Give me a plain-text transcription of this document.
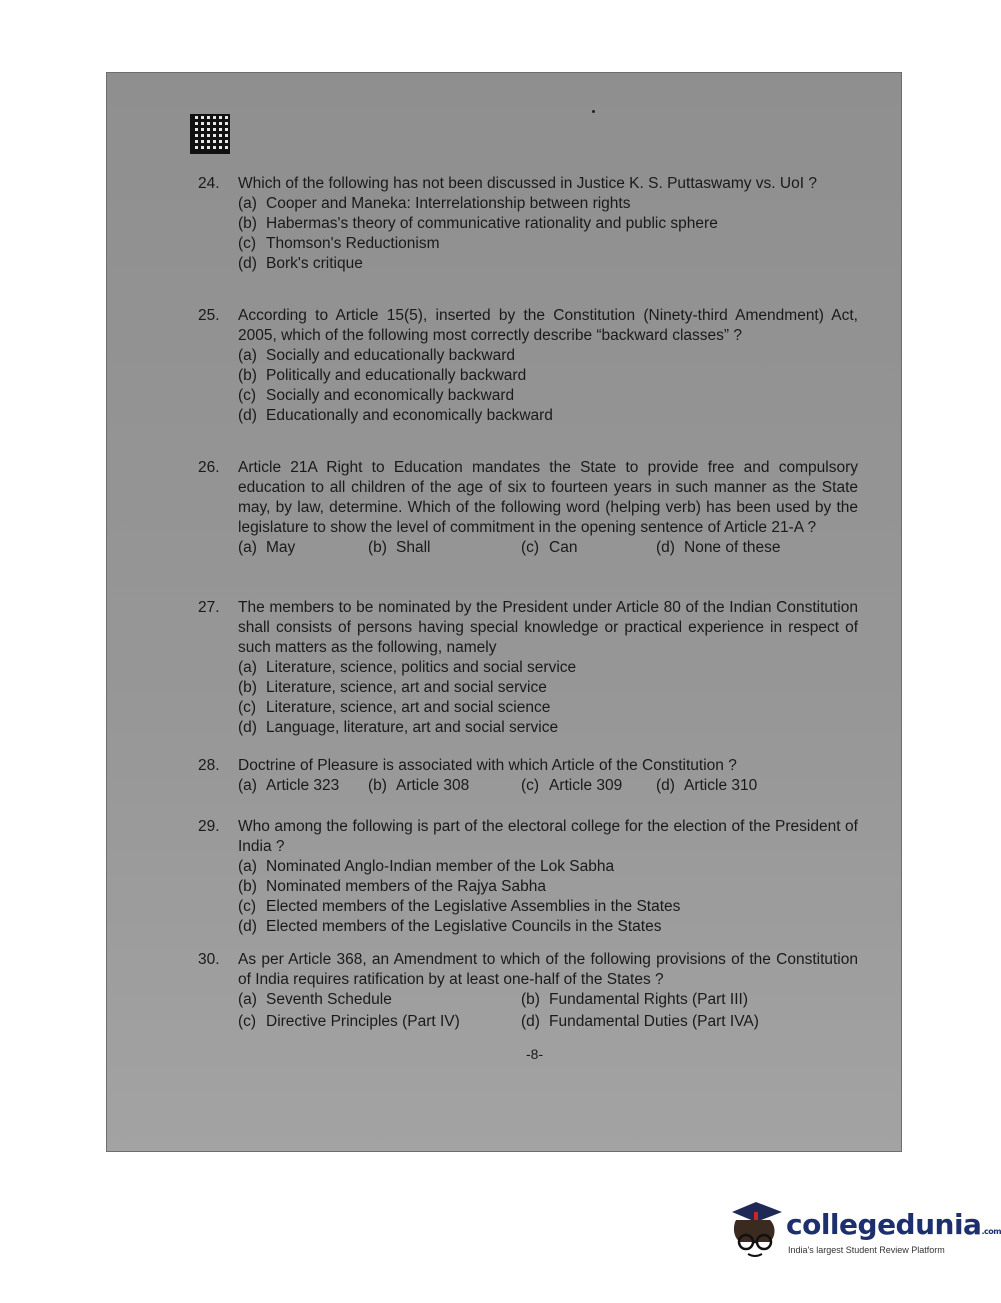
24.	Which of the following has not been discussed in Justice K. S. Puttaswamy vs. UoI ?
(a) Cooper and Maneka: Interrelationship between rights
(b) Habermas's theory of communicative rationality and public sphere
(c) Thomson's Reductionism
(d) Bork's critique
25.	According to Article 15(5), inserted by the Constitution (Ninety-third Amendment) Act, 2005, which of the following most correctly describe “backward classes” ?
(a) Socially and educationally backward
(b) Politically and educationally backward
(c) Socially and economically backward
(d) Educationally and economically backward
26.	Article 21A Right to Education mandates the State to provide free and compulsory education to all children of the age of six to fourteen years in such manner as the State may, by law, determine. Which of the following word (helping verb) has been used by the legislature to show the level of commitment in the opening sentence of Article 21-A ?
(a) May	(b) Shall	(c) Can	(d) None of these
27.	The members to be nominated by the President under Article 80 of the Indian Constitution shall consists of persons having special knowledge or practical experience in respect of such matters as the following, namely
(a) Literature, science, politics and social service
(b) Literature, science, art and social service
(c) Literature, science, art and social science
(d) Language, literature, art and social service
28.	Doctrine of Pleasure is associated with which Article of the Constitution ?
(a) Article 323 (b) Article 308	(c) Article 309 (d) Article 310
29.	Who among the following is part of the electoral college for the election of the President of India ?
(a) Nominated Anglo-Indian member of the Lok Sabha
(b) Nominated members of the Rajya Sabha
(c) Elected members of the Legislative Assemblies in the States
(d) Elected members of the Legislative Councils in the States
30.	As per Article 368, an Amendment to which of the following provisions of the Constitution of India requires ratification by at least one-half of the States ?
(a) Seventh Schedule	(b) Fundamental Rights (Part III)
(c) Directive Principles (Part IV)	(d) Fundamental Duties (Part IVA)
-8-
collegedunia.com
India's largest Student Review Platform
